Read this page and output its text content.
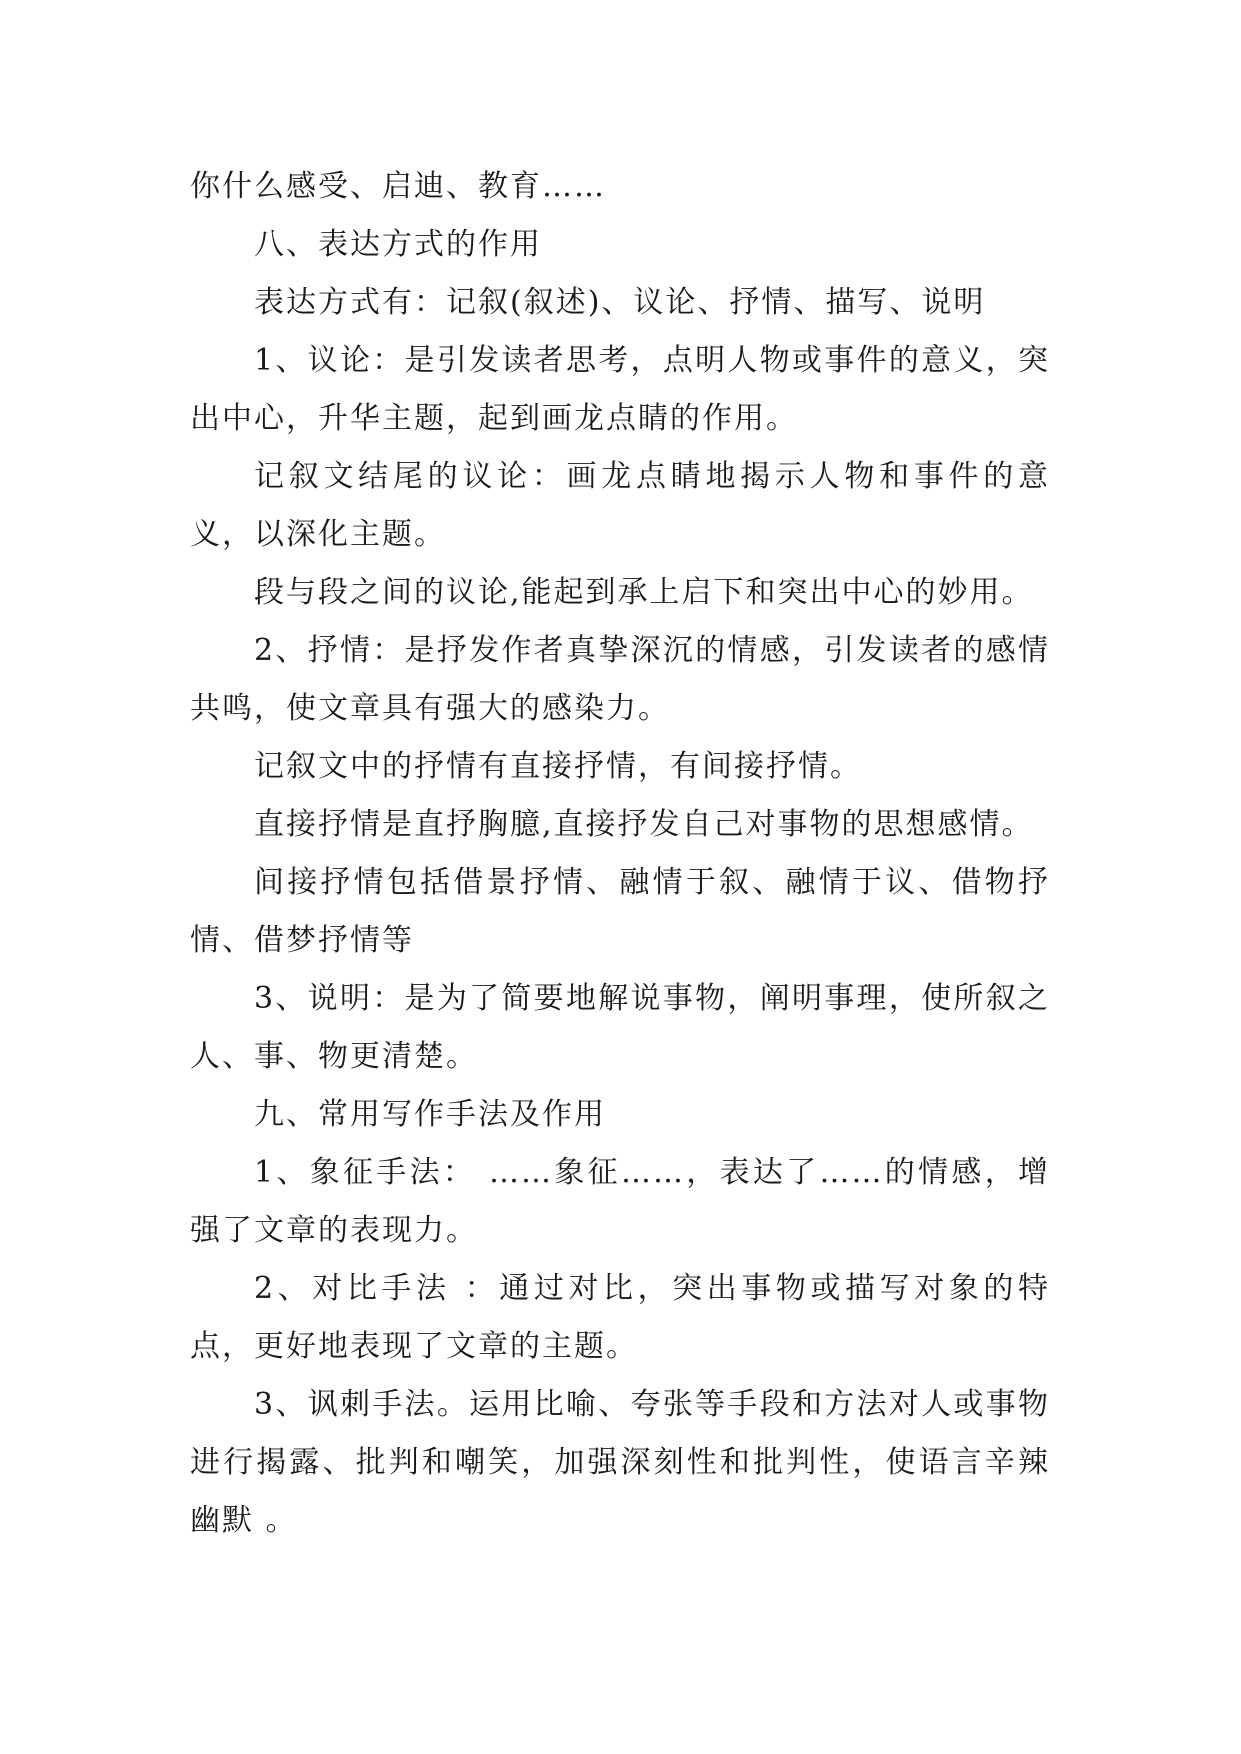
你什么感受、启迪、教育……

八、表达方式的作用

表达方式有：记叙(叙述)、议论、抒情、描写、说明

1、议论：是引发读者思考，点明人物或事件的意义，突出中心，升华主题，起到画龙点睛的作用。

记叙文结尾的议论：画龙点睛地揭示人物和事件的意义，以深化主题。

段与段之间的议论,能起到承上启下和突出中心的妙用。

2、抒情：是抒发作者真挚深沉的情感，引发读者的感情共鸣，使文章具有强大的感染力。

记叙文中的抒情有直接抒情，有间接抒情。

直接抒情是直抒胸臆,直接抒发自己对事物的思想感情。

间接抒情包括借景抒情、融情于叙、融情于议、借物抒情、借梦抒情等

3、说明：是为了简要地解说事物，阐明事理，使所叙之人、事、物更清楚。

九、常用写作手法及作用

1、象征手法： ……象征……，表达了……的情感，增强了文章的表现力。

2、对比手法 ：通过对比，突出事物或描写对象的特点，更好地表现了文章的主题。

3、讽刺手法。运用比喻、夸张等手段和方法对人或事物进行揭露、批判和嘲笑，加强深刻性和批判性，使语言辛辣幽默 。
